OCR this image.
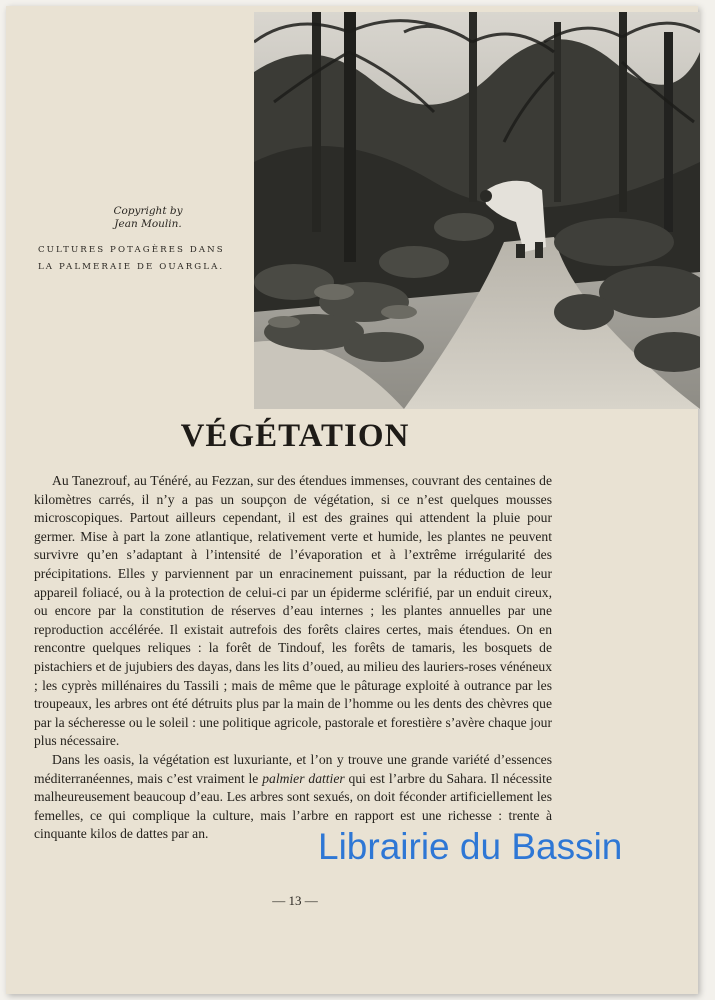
Copyright by
Jean Moulin.
CULTURES POTAGÈRES DANS
LA PALMERAIE DE OUARGLA.
VÉGÉTATION

Au Tanezrouf, au Ténéré, au Fezzan, sur des étendues immenses, couvrant des centaines de kilomètres carrés, il n’y a pas un soupçon de végétation, si ce n’est quelques mousses microscopiques. Partout ailleurs cependant, il est des graines qui attendent la pluie pour germer. Mise à part la zone atlantique, relativement verte et humide, les plantes ne peuvent survivre qu’en s’adaptant à l’intensité de l’évaporation et à l’extrême irrégularité des précipitations. Elles y parviennent par un enracinement puissant, par la réduction de leur appareil foliacé, ou à la protection de celui-ci par un épiderme sclérifié, par un enduit cireux, ou encore par la constitution de réserves d’eau internes ; les plantes annuelles par une reproduction accélérée. Il existait autrefois des forêts claires certes, mais étendues. On en rencontre quelques reliques : la forêt de Tindouf, les forêts de tamaris, les bosquets de pistachiers et de jujubiers des dayas, dans les lits d’oued, au milieu des lauriers-roses vénéneux ; les cyprès millénaires du Tassili ; mais de même que le pâturage exploité à outrance par les troupeaux, les arbres ont été détruits plus par la main de l’homme ou les dents des chèvres que par la sécheresse ou le soleil : une politique agricole, pastorale et forestière s’avère chaque jour plus nécessaire.

Dans les oasis, la végétation est luxuriante, et l’on y trouve une grande variété d’essences méditerranéennes, mais c’est vraiment le palmier dattier qui est l’arbre du Sahara. Il nécessite malheureusement beaucoup d’eau. Les arbres sont sexués, on doit féconder artificiellement les femelles, ce qui complique la culture, mais l’arbre en rapport est une richesse : trente à cinquante kilos de dattes par an.

— 13 —
Librairie du Bassin
